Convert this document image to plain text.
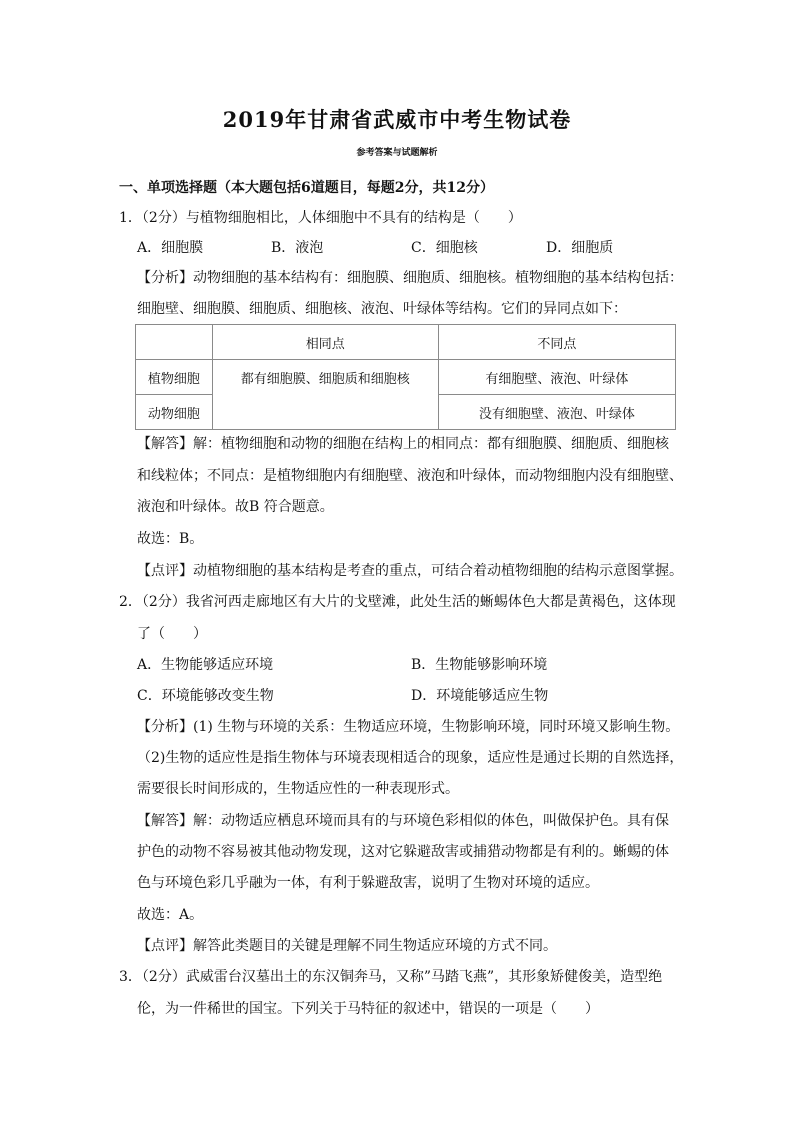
2019年甘肃省武威市中考生物试卷
参考答案与试题解析
一、单项选择题（本大题包括6道题目，每题2分，共12分）
1．（2分）与植物细胞相比，人体细胞中不具有的结构是（　　）
A．细胞膜	B．液泡	C．细胞核	D．细胞质
【分析】动物细胞的基本结构有：细胞膜、细胞质、细胞核。植物细胞的基本结构包括：
细胞壁、细胞膜、细胞质、细胞核、液泡、叶绿体等结构。它们的异同点如下：
	相同点	不同点
植物细胞	都有细胞膜、细胞质和细胞核	有细胞壁、液泡、叶绿体
动物细胞		没有细胞壁、液泡、叶绿体
【解答】解：植物细胞和动物的细胞在结构上的相同点：都有细胞膜、细胞质、细胞核
和线粒体；不同点：是植物细胞内有细胞壁、液泡和叶绿体，而动物细胞内没有细胞壁、
液泡和叶绿体。故B 符合题意。
故选：B。
【点评】动植物细胞的基本结构是考查的重点，可结合着动植物细胞的结构示意图掌握。
2．（2分）我省河西走廊地区有大片的戈壁滩，此处生活的蜥蜴体色大都是黄褐色，这体现
了（　　）
A．生物能够适应环境	B．生物能够影响环境
C．环境能够改变生物	D．环境能够适应生物
【分析】(1) 生物与环境的关系：生物适应环境，生物影响环境，同时环境又影响生物。
（2)生物的适应性是指生物体与环境表现相适合的现象，适应性是通过长期的自然选择，
需要很长时间形成的，生物适应性的一种表现形式。
【解答】解：动物适应栖息环境而具有的与环境色彩相似的体色，叫做保护色。具有保
护色的动物不容易被其他动物发现，这对它躲避敌害或捕猎动物都是有利的。蜥蜴的体
色与环境色彩几乎融为一体，有利于躲避敌害，说明了生物对环境的适应。
故选：A。
【点评】解答此类题目的关键是理解不同生物适应环境的方式不同。
3．（2分）武威雷台汉墓出土的东汉铜奔马，又称”马踏飞燕”，其形象矫健俊美，造型绝
伦，为一件稀世的国宝。下列关于马特征的叙述中，错误的一项是（　　）
